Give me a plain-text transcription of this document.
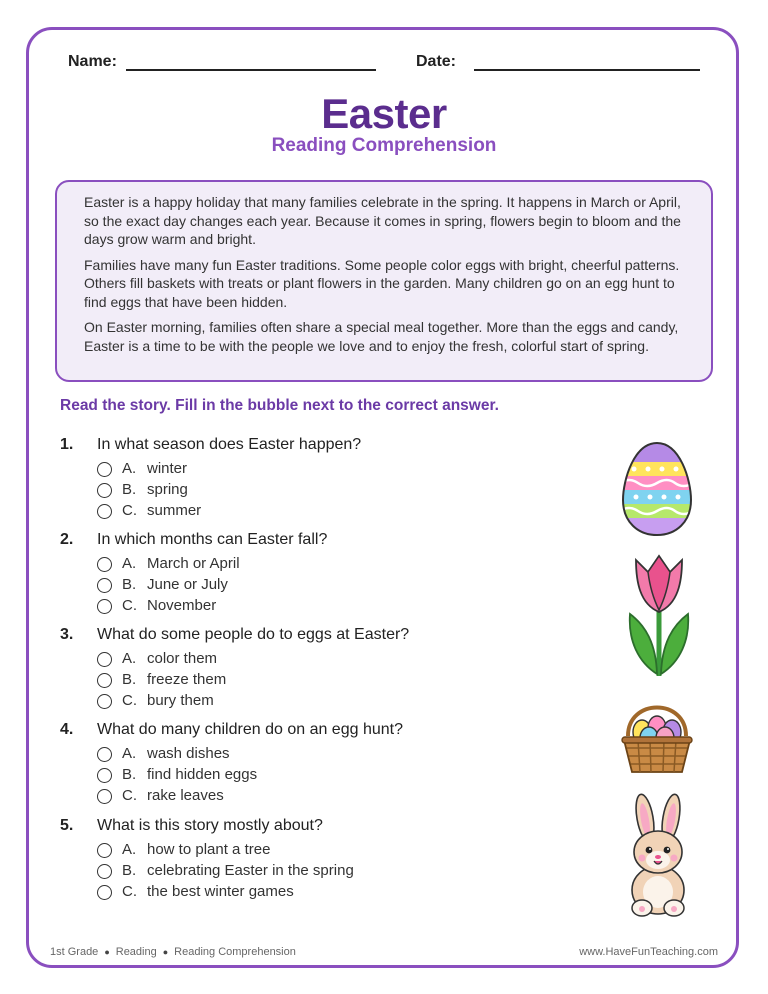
Name:	Date:
Easter
Reading Comprehension

Easter is a happy holiday that many families celebrate in the spring. It happens in March or April, so the exact day changes each year. Because it comes in spring, flowers begin to bloom and the days grow warm and bright.

Families have many fun Easter traditions. Some people color eggs with bright, cheerful patterns. Others fill baskets with treats or plant flowers in the garden. Many children go on an egg hunt to find eggs that have been hidden.

On Easter morning, families often share a special meal together. More than the eggs and candy, Easter is a time to be with the people we love and to enjoy the fresh, colorful start of spring.

Read the story. Fill in the bubble next to the correct answer.
1. In what season does Easter happen?
A. winter
B. spring
C. summer
2. In which months can Easter fall?
A. March or April
B. June or July
C. November
3. What do some people do to eggs at Easter?
A. color them
B. freeze them
C. bury them
4. What do many children do on an egg hunt?
A. wash dishes
B. find hidden eggs
C. rake leaves
5. What is this story mostly about?
A. how to plant a tree
B. celebrating Easter in the spring
C. the best winter games
1st Grade ● Reading ● Reading Comprehension	www.HaveFunTeaching.com
